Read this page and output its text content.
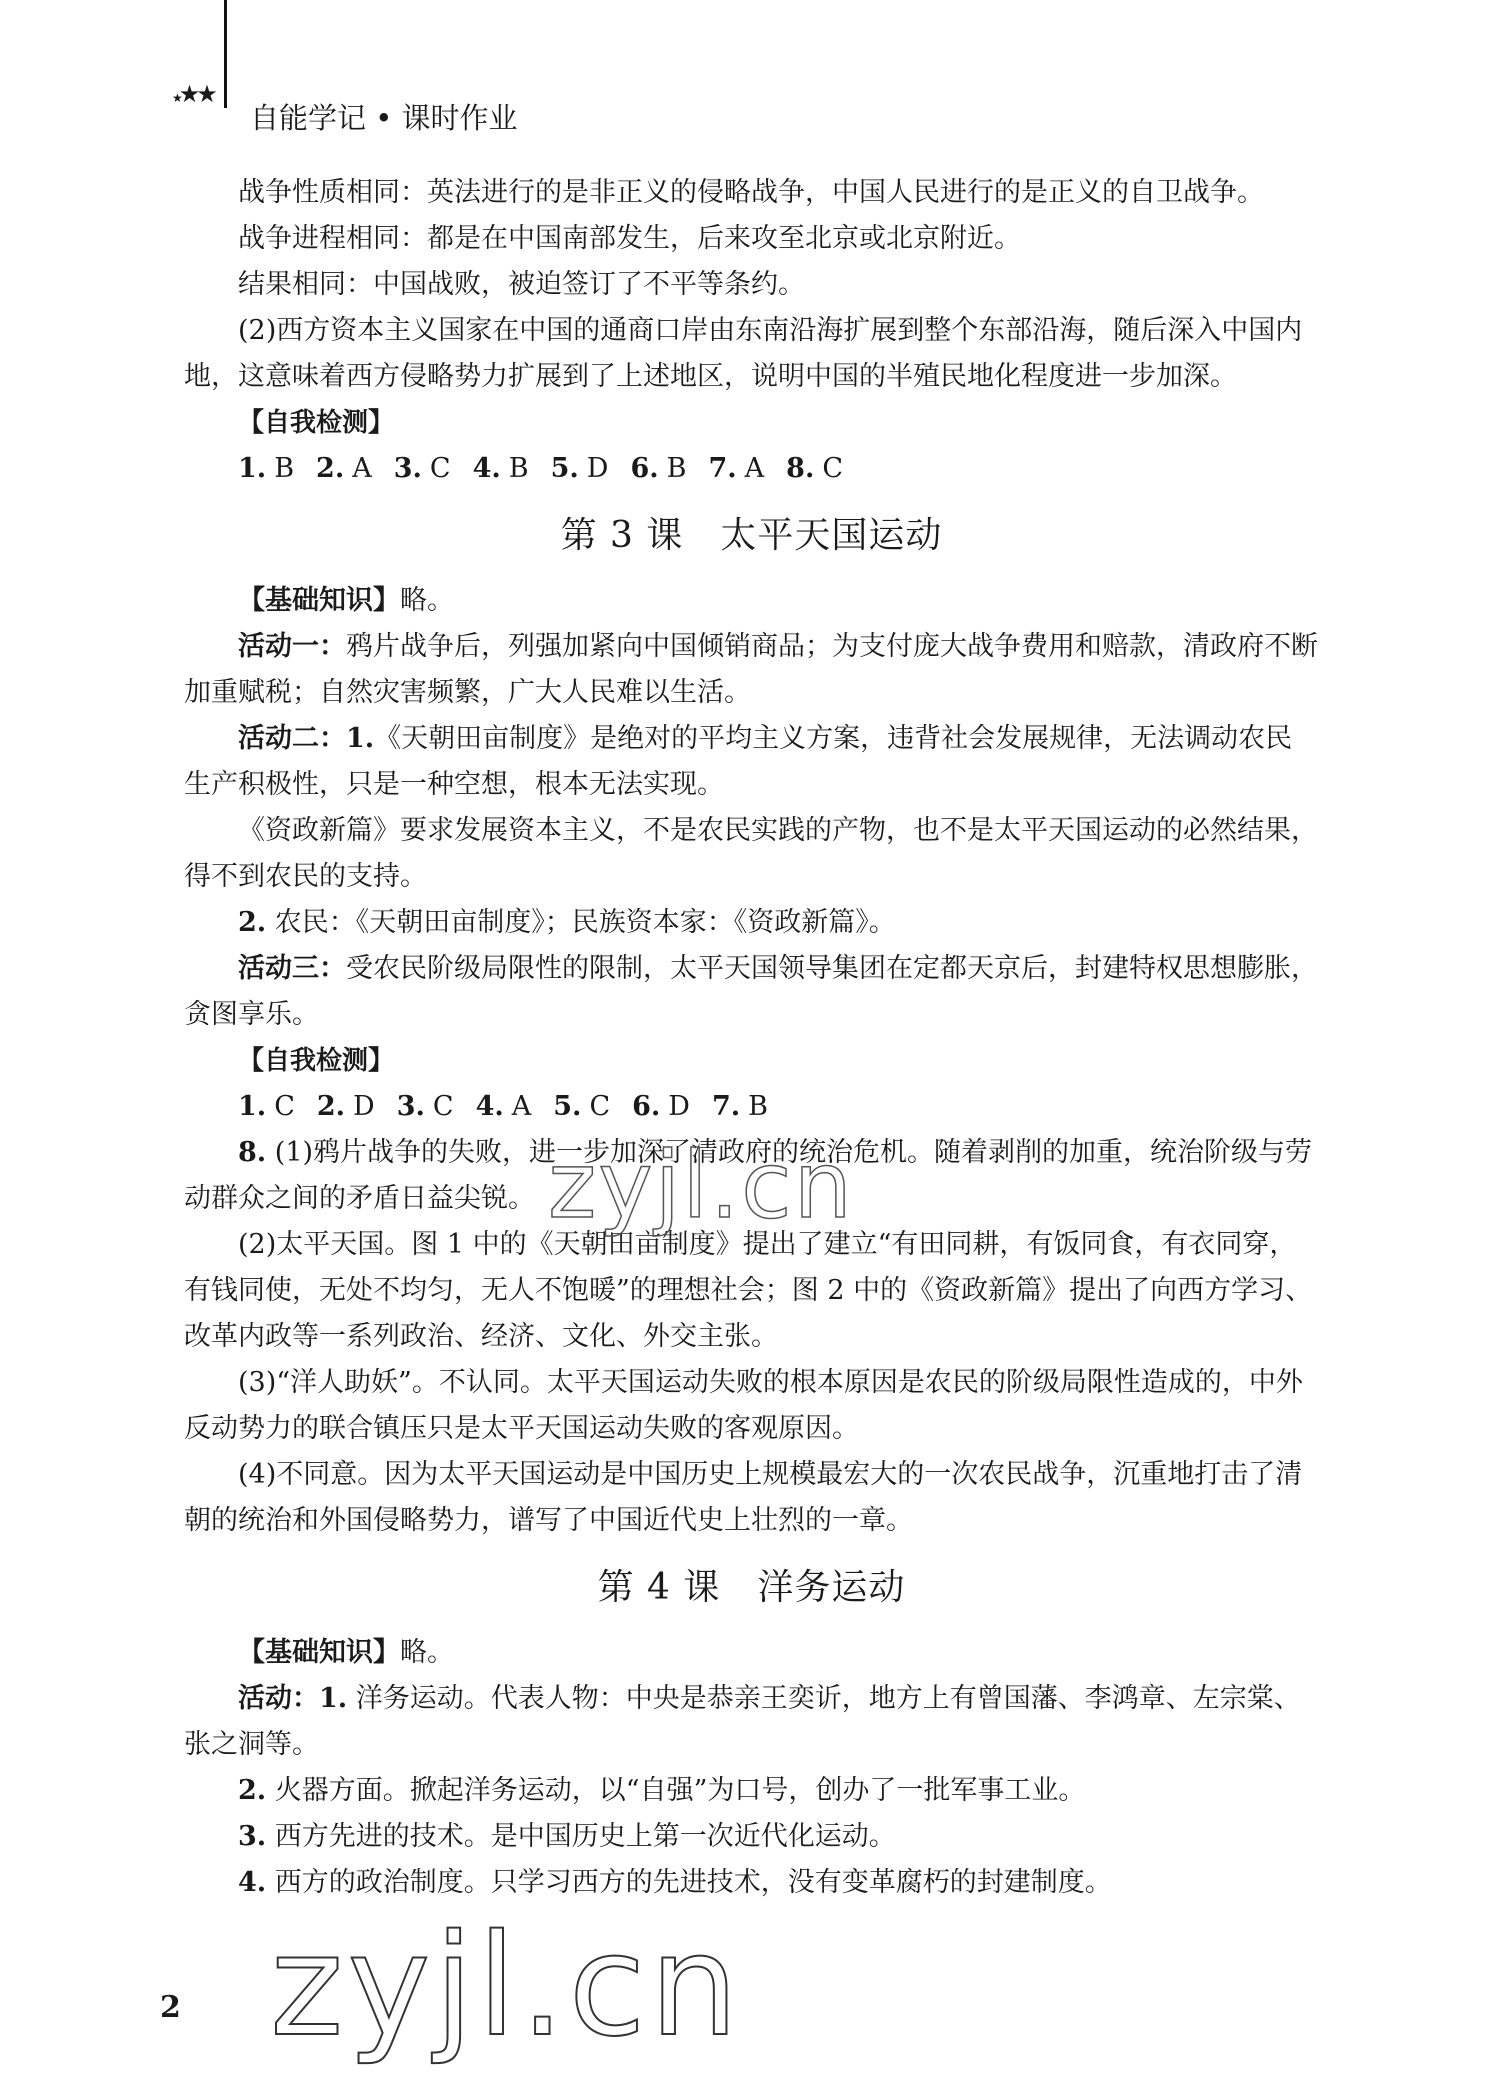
★★★
自能学记 • 课时作业

战争性质相同：英法进行的是非正义的侵略战争，中国人民进行的是正义的自卫战争。

战争进程相同：都是在中国南部发生，后来攻至北京或北京附近。

结果相同：中国战败，被迫签订了不平等条约。

(2)西方资本主义国家在中国的通商口岸由东南沿海扩展到整个东部沿海，随后深入中国内地，这意味着西方侵略势力扩展到了上述地区，说明中国的半殖民地化程度进一步加深。

【自我检测】

1. B 2. A 3. C 4. B 5. D 6. B 7. A 8. C

第 3 课　太平天国运动

【基础知识】略。

活动一：鸦片战争后，列强加紧向中国倾销商品；为支付庞大战争费用和赔款，清政府不断加重赋税；自然灾害频繁，广大人民难以生活。

活动二：1.《天朝田亩制度》是绝对的平均主义方案，违背社会发展规律，无法调动农民生产积极性，只是一种空想，根本无法实现。

《资政新篇》要求发展资本主义，不是农民实践的产物，也不是太平天国运动的必然结果，得不到农民的支持。

2. 农民：《天朝田亩制度》；民族资本家：《资政新篇》。

活动三：受农民阶级局限性的限制，太平天国领导集团在定都天京后，封建特权思想膨胀，贪图享乐。

【自我检测】

1. C 2. D 3. C 4. A 5. C 6. D 7. B

8. (1)鸦片战争的失败，进一步加深了清政府的统治危机。随着剥削的加重，统治阶级与劳动群众之间的矛盾日益尖锐。

(2)太平天国。图 1 中的《天朝田亩制度》提出了建立“有田同耕，有饭同食，有衣同穿，有钱同使，无处不均匀，无人不饱暖”的理想社会；图 2 中的《资政新篇》提出了向西方学习、改革内政等一系列政治、经济、文化、外交主张。

(3)“洋人助妖”。不认同。太平天国运动失败的根本原因是农民的阶级局限性造成的，中外反动势力的联合镇压只是太平天国运动失败的客观原因。

(4)不同意。因为太平天国运动是中国历史上规模最宏大的一次农民战争，沉重地打击了清朝的统治和外国侵略势力，谱写了中国近代史上壮烈的一章。

第 4 课　洋务运动

【基础知识】略。

活动：1. 洋务运动。代表人物：中央是恭亲王奕䜣，地方上有曾国藩、李鸿章、左宗棠、张之洞等。

2. 火器方面。掀起洋务运动，以“自强”为口号，创办了一批军事工业。

3. 西方先进的技术。是中国历史上第一次近代化运动。

4. 西方的政治制度。只学习西方的先进技术，没有变革腐朽的封建制度。

zyjl.cn
zyjl.cn
2
